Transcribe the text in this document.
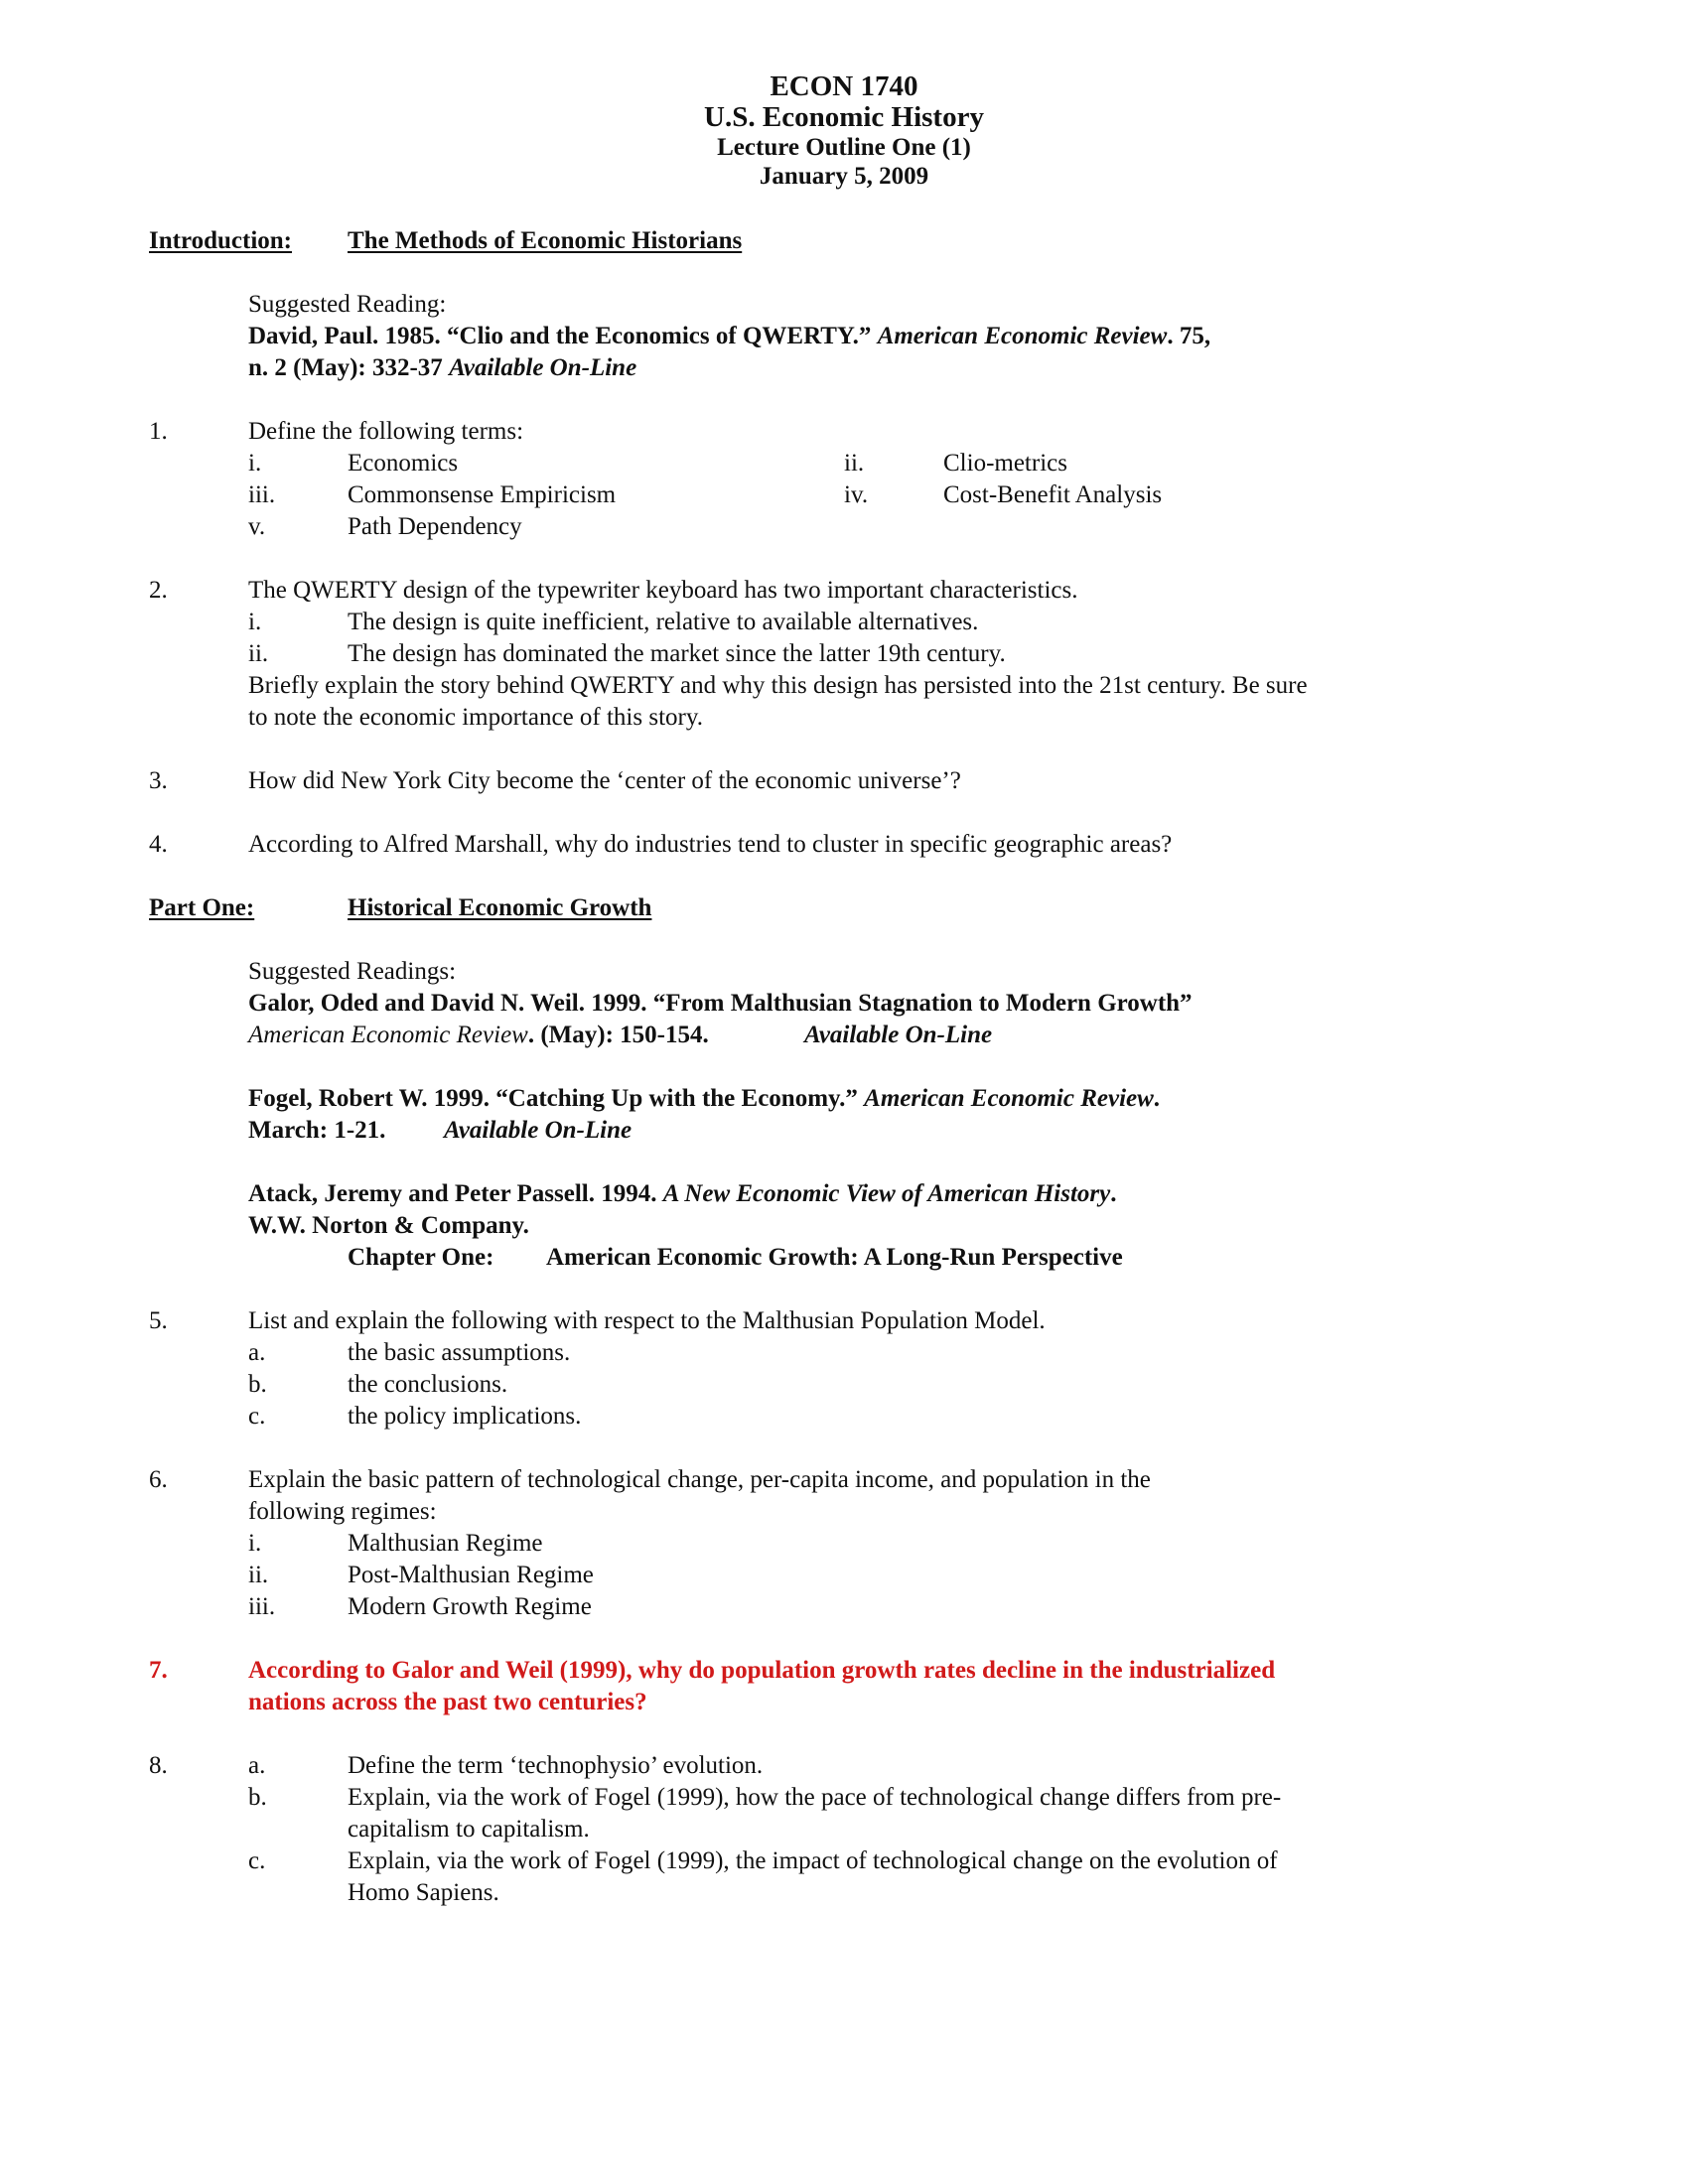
ECON 1740
U.S. Economic History
Lecture Outline One (1)
January 5, 2009
Introduction: The Methods of Economic Historians
Suggested Reading:
David, Paul. 1985. “Clio and the Economics of QWERTY.” American Economic Review. 75,
n. 2 (May): 332-37 Available On-Line
1.	Define the following terms:
i.	Economics	ii.	Clio-metrics
iii.	Commonsense Empiricism	iv.	Cost-Benefit Analysis
v.	Path Dependency
2.	The QWERTY design of the typewriter keyboard has two important characteristics.
i.	The design is quite inefficient, relative to available alternatives.
ii.	The design has dominated the market since the latter 19th century.
Briefly explain the story behind QWERTY and why this design has persisted into the 21st century. Be sure
to note the economic importance of this story.
3.	How did New York City become the ‘center of the economic universe’?
4.	According to Alfred Marshall, why do industries tend to cluster in specific geographic areas?
Part One:	Historical Economic Growth
Suggested Readings:
Galor, Oded and David N. Weil. 1999. “From Malthusian Stagnation to Modern Growth”
American Economic Review. (May): 150-154.	Available On-Line
Fogel, Robert W. 1999. “Catching Up with the Economy.” American Economic Review.
March: 1-21. Available On-Line
Atack, Jeremy and Peter Passell. 1994. A New Economic View of American History.
W.W. Norton & Company.
Chapter One: American Economic Growth: A Long-Run Perspective
5.	List and explain the following with respect to the Malthusian Population Model.
a.	the basic assumptions.
b.	the conclusions.
c.	the policy implications.
6.	Explain the basic pattern of technological change, per-capita income, and population in the
following regimes:
i.	Malthusian Regime
ii.	Post-Malthusian Regime
iii.	Modern Growth Regime
7.	According to Galor and Weil (1999), why do population growth rates decline in the industrialized
nations across the past two centuries?
8.	a.	Define the term ‘technophysio’ evolution.
b.	Explain, via the work of Fogel (1999), how the pace of technological change differs from pre-
capitalism to capitalism.
c.	Explain, via the work of Fogel (1999), the impact of technological change on the evolution of
Homo Sapiens.
